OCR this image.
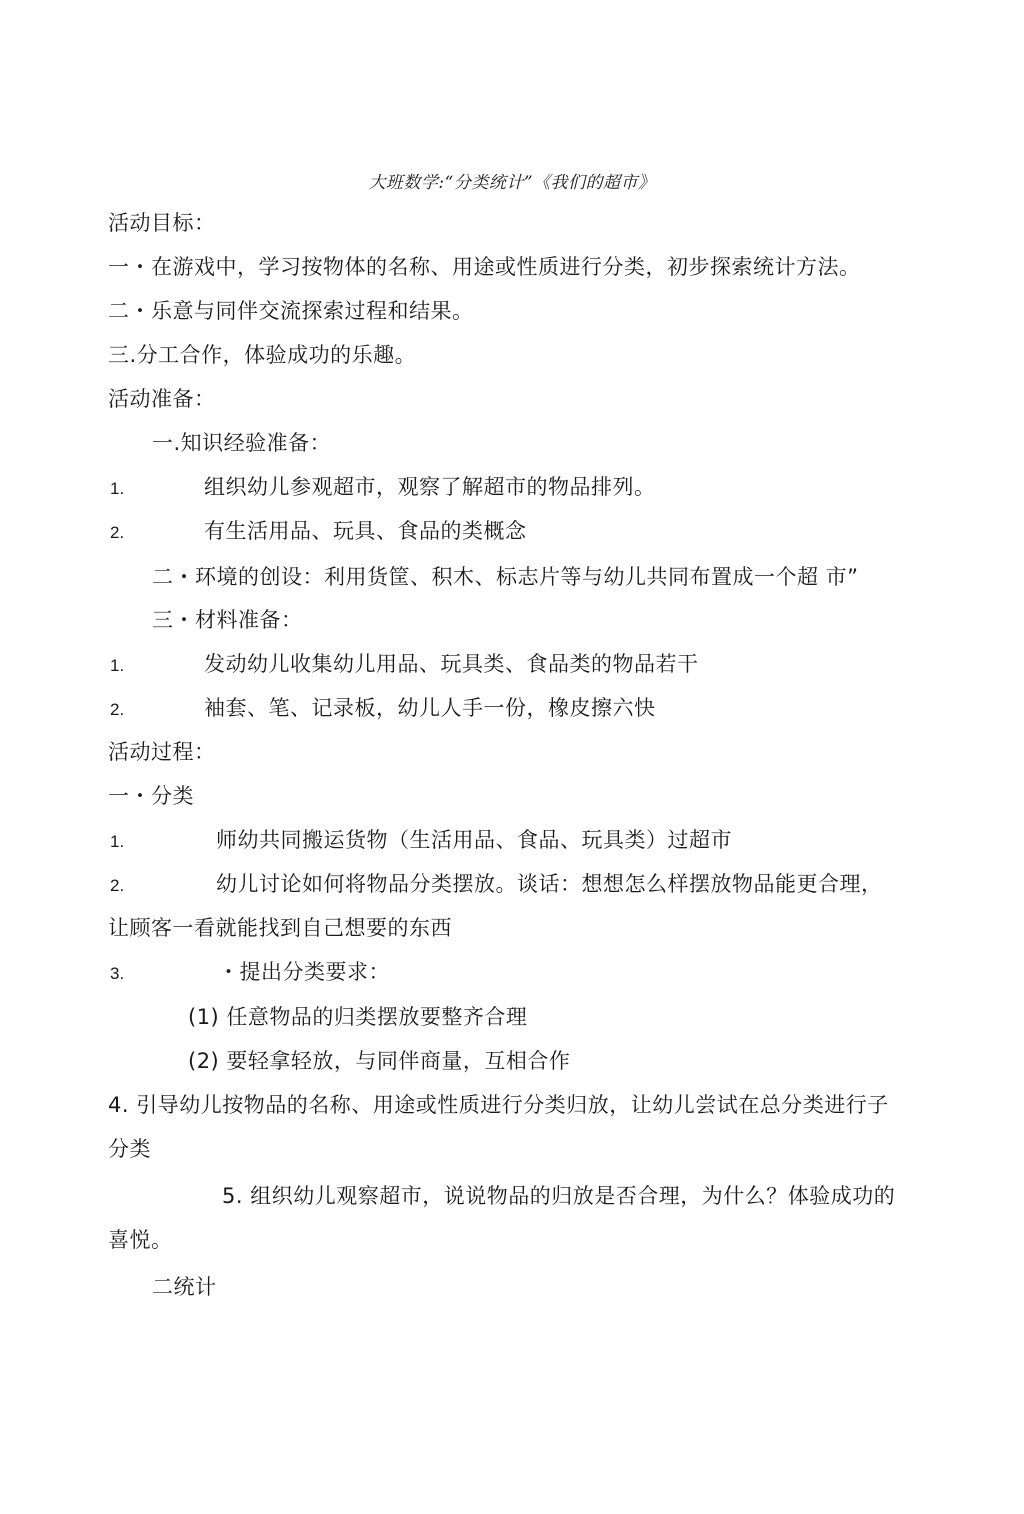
大班数学:“分类统计”《我们的超市》
活动目标：
一・在游戏中，学习按物体的名称、用途或性质进行分类，初步探索统计方法。
二・乐意与同伴交流探索过程和结果。
三.分工合作，体验成功的乐趣。
活动准备：
一.知识经验准备：
1.	组织幼儿参观超市，观察了解超市的物品排列。
2.	有生活用品、玩具、食品的类概念
二・环境的创设：利用货筐、积木、标志片等与幼儿共同布置成一个超 市”
三・材料准备：
1.	发动幼儿收集幼儿用品、玩具类、食品类的物品若干
2.	袖套、笔、记录板，幼儿人手一份，橡皮擦六快
活动过程：
一・分类
1.	师幼共同搬运货物（生活用品、食品、玩具类）过超市
2.	幼儿讨论如何将物品分类摆放。谈话：想想怎么样摆放物品能更合理，
让顾客一看就能找到自己想要的东西
3.	・提出分类要求：
(1) 任意物品的归类摆放要整齐合理
(2) 要轻拿轻放，与同伴商量，互相合作
4. 引导幼儿按物品的名称、用途或性质进行分类归放，让幼儿尝试在总分类进行子
分类
5. 组织幼儿观察超市，说说物品的归放是否合理，为什么？体验成功的
喜悦。
二统计
